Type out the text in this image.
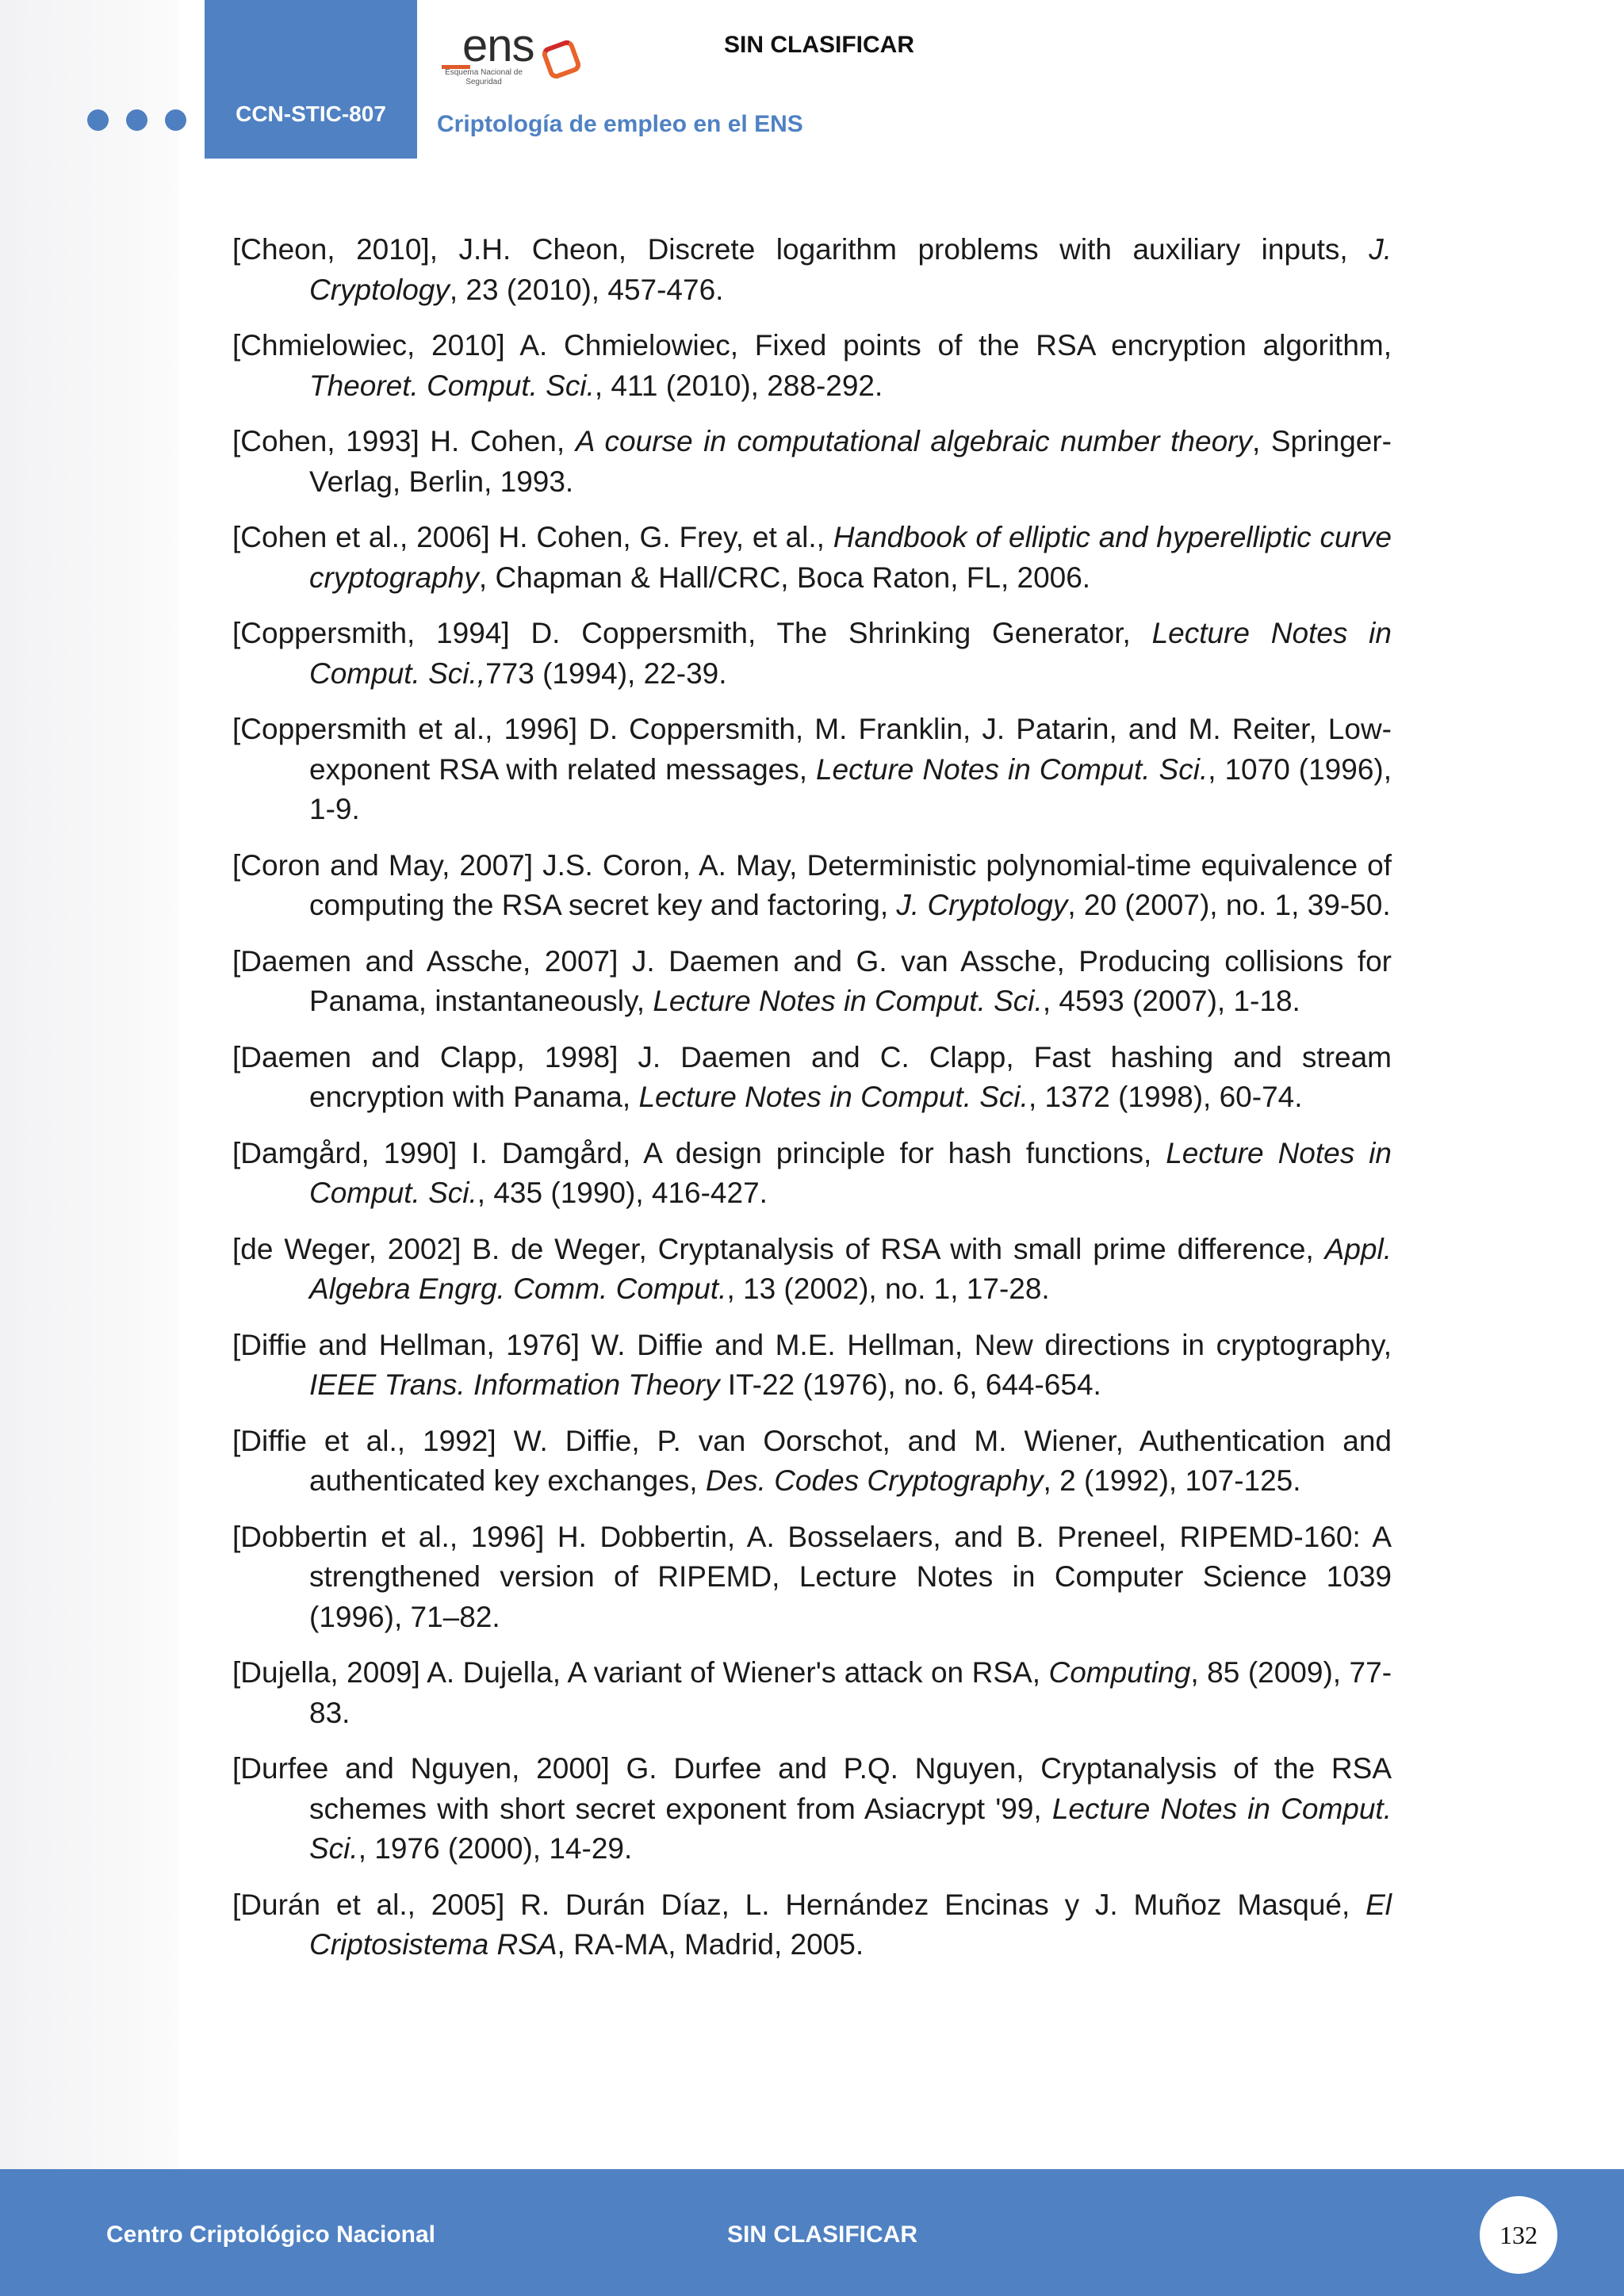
CCN-STIC-807
ens
Esquema Nacional de Seguridad
SIN CLASIFICAR
Criptología de empleo en el ENS

[Cheon, 2010], J.H. Cheon, Discrete logarithm problems with auxiliary inputs, J. Cryptology, 23 (2010), 457-476.

[Chmielowiec, 2010] A. Chmielowiec, Fixed points of the RSA encryption algorithm, Theoret. Comput. Sci., 411 (2010), 288-292.

[Cohen, 1993] H. Cohen, A course in computational algebraic number theory, Springer-Verlag, Berlin, 1993.

[Cohen et al., 2006] H. Cohen, G. Frey, et al., Handbook of elliptic and hyperelliptic curve cryptography, Chapman & Hall/CRC, Boca Raton, FL, 2006.

[Coppersmith, 1994] D. Coppersmith, The Shrinking Generator, Lecture Notes in Comput. Sci.,773 (1994), 22-39.

[Coppersmith et al., 1996] D. Coppersmith, M. Franklin, J. Patarin, and M. Reiter, Low-exponent RSA with related messages, Lecture Notes in Comput. Sci., 1070 (1996), 1-9.

[Coron and May, 2007] J.S. Coron, A. May, Deterministic polynomial-time equivalence of computing the RSA secret key and factoring, J. Cryptology, 20 (2007), no. 1, 39-50.

[Daemen and Assche, 2007] J. Daemen and G. van Assche, Producing collisions for Panama, instantaneously, Lecture Notes in Comput. Sci., 4593 (2007), 1-18.

[Daemen and Clapp, 1998] J. Daemen and C. Clapp, Fast hashing and stream encryption with Panama, Lecture Notes in Comput. Sci., 1372 (1998), 60-74.

[Damgård, 1990] I. Damgård, A design principle for hash functions, Lecture Notes in Comput. Sci., 435 (1990), 416-427.

[de Weger, 2002] B. de Weger, Cryptanalysis of RSA with small prime difference, Appl. Algebra Engrg. Comm. Comput., 13 (2002), no. 1, 17-28.

[Diffie and Hellman, 1976] W. Diffie and M.E. Hellman, New directions in cryptography, IEEE Trans. Information Theory IT-22 (1976), no. 6, 644-654.

[Diffie et al., 1992] W. Diffie, P. van Oorschot, and M. Wiener, Authentication and authenticated key exchanges, Des. Codes Cryptography, 2 (1992), 107-125.

[Dobbertin et al., 1996] H. Dobbertin, A. Bosselaers, and B. Preneel, RIPEMD-160: A strengthened version of RIPEMD, Lecture Notes in Computer Science 1039 (1996), 71–82.

[Dujella, 2009] A. Dujella, A variant of Wiener's attack on RSA, Computing, 85 (2009), 77-83.

[Durfee and Nguyen, 2000] G. Durfee and P.Q. Nguyen, Cryptanalysis of the RSA schemes with short secret exponent from Asiacrypt '99, Lecture Notes in Comput. Sci., 1976 (2000), 14-29.

[Durán et al., 2005] R. Durán Díaz, L. Hernández Encinas y J. Muñoz Masqué, El Criptosistema RSA, RA-MA, Madrid, 2005.

Centro Criptológico Nacional	SIN CLASIFICAR	132
